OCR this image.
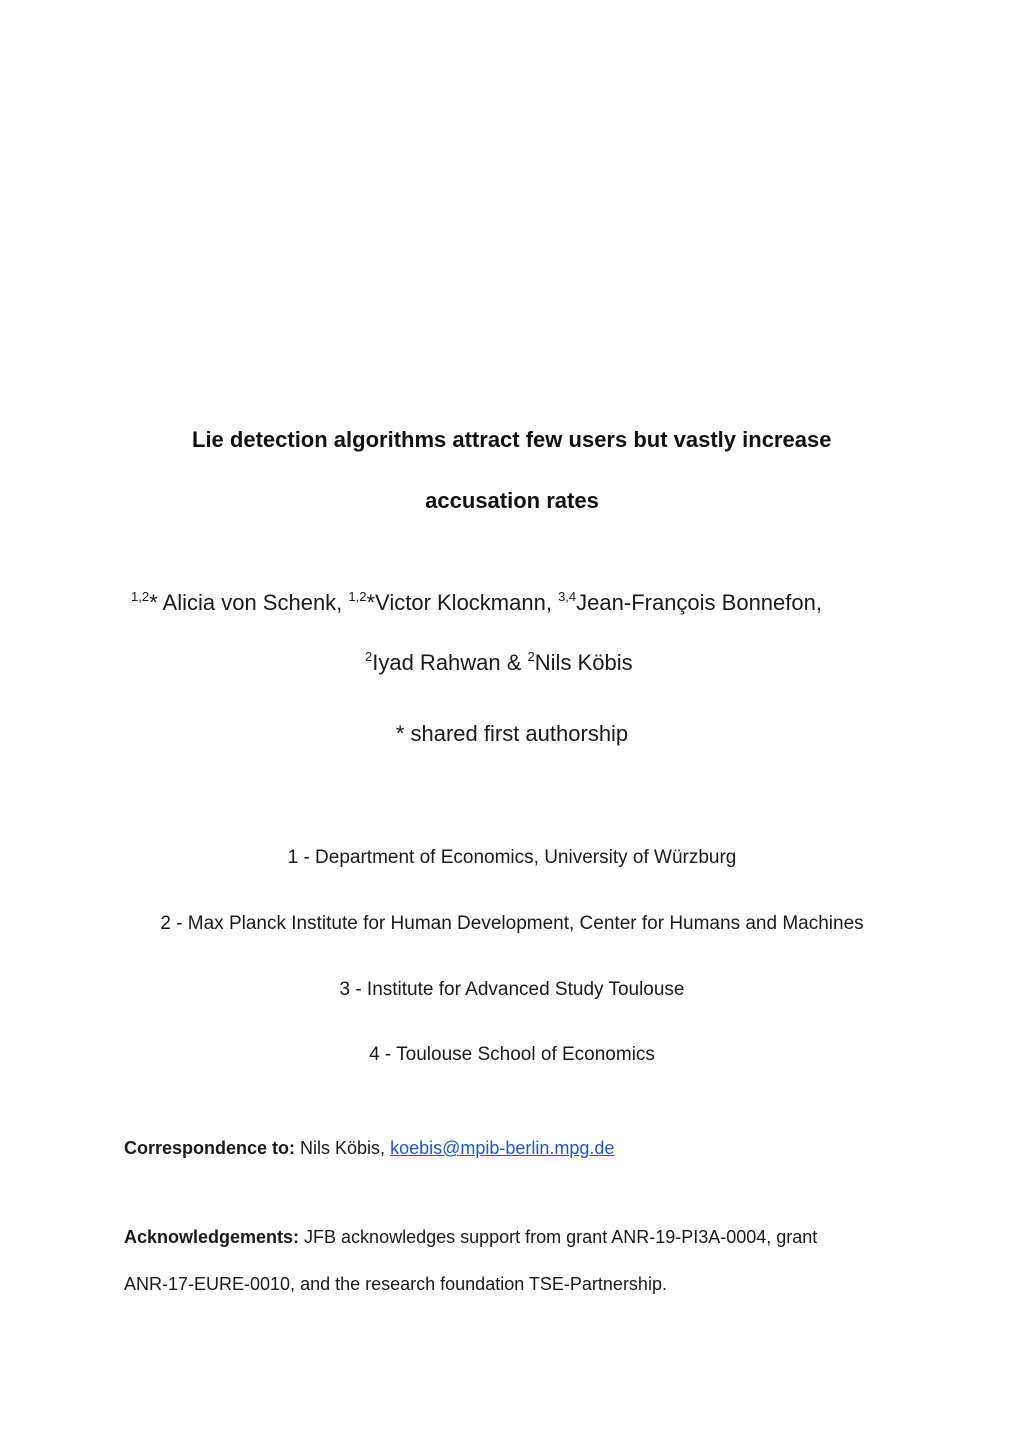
Lie detection algorithms attract few users but vastly increase
accusation rates
$^{1,2}$* Alicia von Schenk, $^{1,2}$*Victor Klockmann, $^{3,4}$Jean-François Bonnefon,
$^2$Iyad Rahwan & $^2$Nils Köbis
* shared first authorship
1 - Department of Economics, University of Würzburg
2 - Max Planck Institute for Human Development, Center for Humans and Machines
3 - Institute for Advanced Study Toulouse
4 - Toulouse School of Economics
Correspondence to: Nils Köbis, koebis@mpib-berlin.mpg.de
Acknowledgements: JFB acknowledges support from grant ANR-19-PI3A-0004, grant
ANR-17-EURE-0010, and the research foundation TSE-Partnership.
